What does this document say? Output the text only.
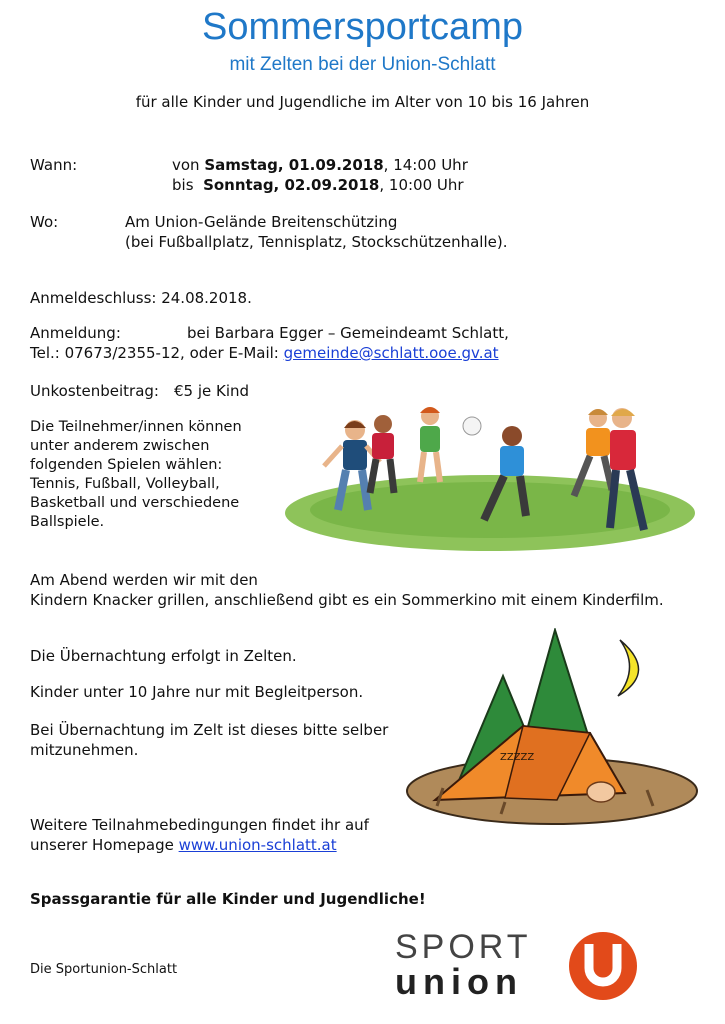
Sommersportcamp
mit Zelten bei der Union-Schlatt
für alle Kinder und Jugendliche im Alter von 10 bis 16 Jahren
Wann:	von Samstag, 01.09.2018, 14:00 Uhr
bis Sonntag, 02.09.2018, 10:00 Uhr
Wo:	Am Union-Gelände Breitenschützing
(bei Fußballplatz, Tennisplatz, Stockschützenhalle).
Anmeldeschluss: 24.08.2018.
Anmeldung:	bei Barbara Egger – Gemeindeamt Schlatt,
Tel.: 07673/2355-12, oder E-Mail: gemeinde@schlatt.ooe.gv.at
Unkostenbeitrag: €5 je Kind
Die Teilnehmer/innen können
unter anderem zwischen
folgenden Spielen wählen:
Tennis, Fußball, Volleyball,
Basketball und verschiedene
Ballspiele.
Am Abend werden wir mit den
Kindern Knacker grillen, anschließend gibt es ein Sommerkino mit einem Kinderfilm.
Die Übernachtung erfolgt in Zelten.
Kinder unter 10 Jahre nur mit Begleitperson.
Bei Übernachtung im Zelt ist dieses bitte selber
mitzunehmen.	ZZZZZ
Weitere Teilnahmebedingungen findet ihr auf
unserer Homepage www.union-schlatt.at
Spassgarantie für alle Kinder und Jugendliche!
Die Sportunion-Schlatt
SPORT
union
